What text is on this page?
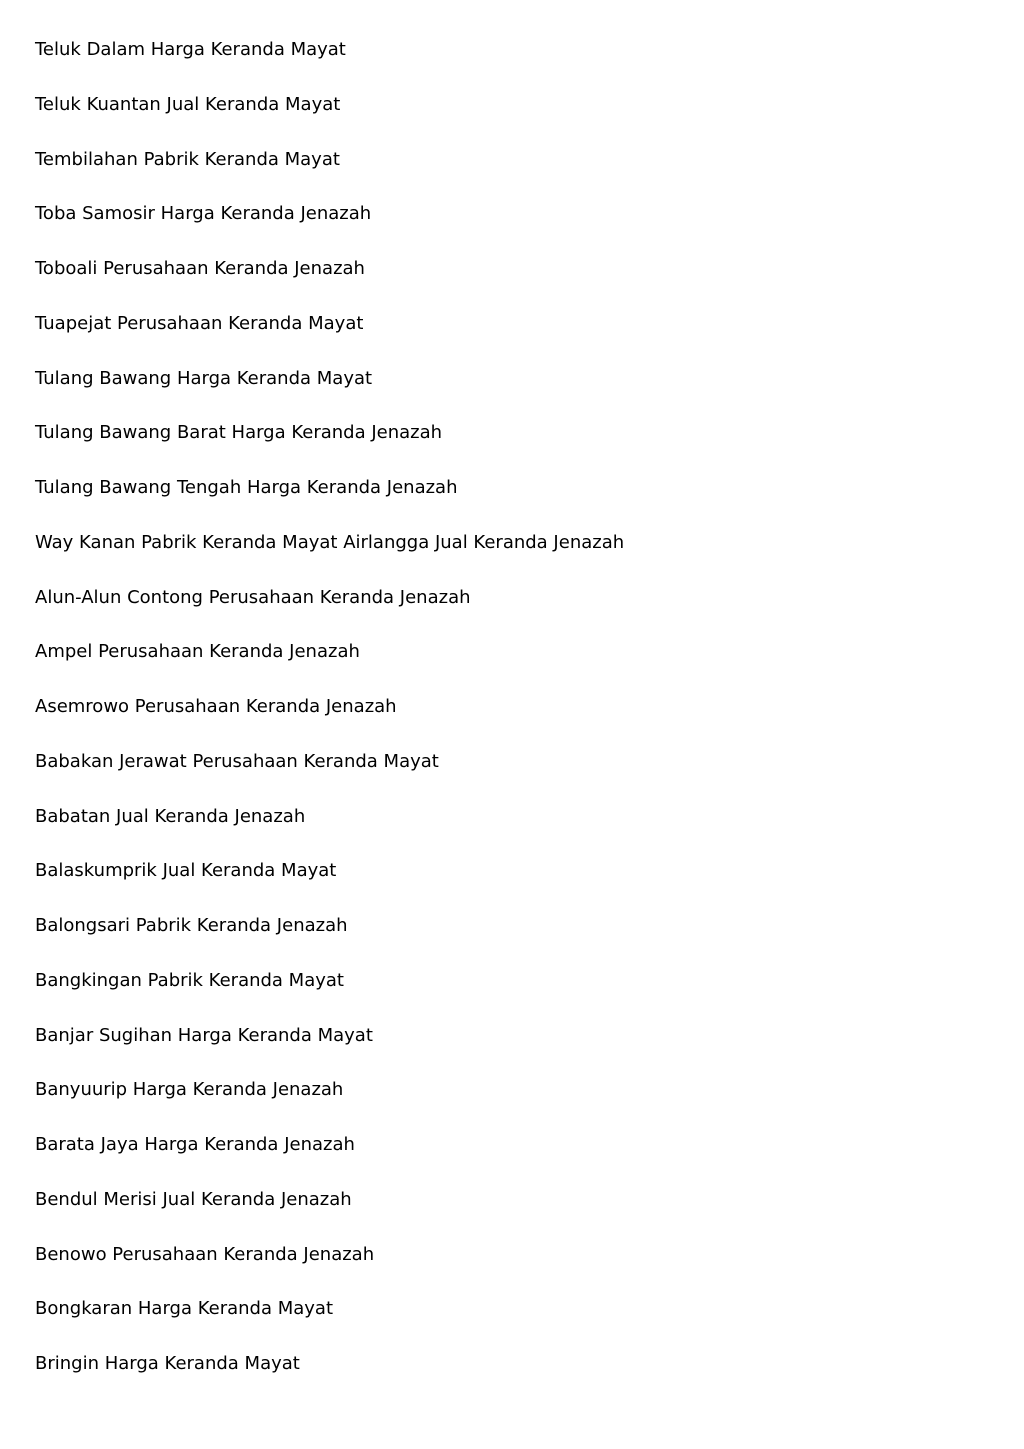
Teluk Dalam Harga Keranda Mayat
Teluk Kuantan Jual Keranda Mayat
Tembilahan Pabrik Keranda Mayat
Toba Samosir Harga Keranda Jenazah
Toboali Perusahaan Keranda Jenazah
Tuapejat Perusahaan Keranda Mayat
Tulang Bawang Harga Keranda Mayat
Tulang Bawang Barat Harga Keranda Jenazah
Tulang Bawang Tengah Harga Keranda Jenazah
Way Kanan Pabrik Keranda Mayat Airlangga Jual Keranda Jenazah
Alun-Alun Contong Perusahaan Keranda Jenazah
Ampel Perusahaan Keranda Jenazah
Asemrowo Perusahaan Keranda Jenazah
Babakan Jerawat Perusahaan Keranda Mayat
Babatan Jual Keranda Jenazah
Balaskumprik Jual Keranda Mayat
Balongsari Pabrik Keranda Jenazah
Bangkingan Pabrik Keranda Mayat
Banjar Sugihan Harga Keranda Mayat
Banyuurip Harga Keranda Jenazah
Barata Jaya Harga Keranda Jenazah
Bendul Merisi Jual Keranda Jenazah
Benowo Perusahaan Keranda Jenazah
Bongkaran Harga Keranda Mayat
Bringin Harga Keranda Mayat
